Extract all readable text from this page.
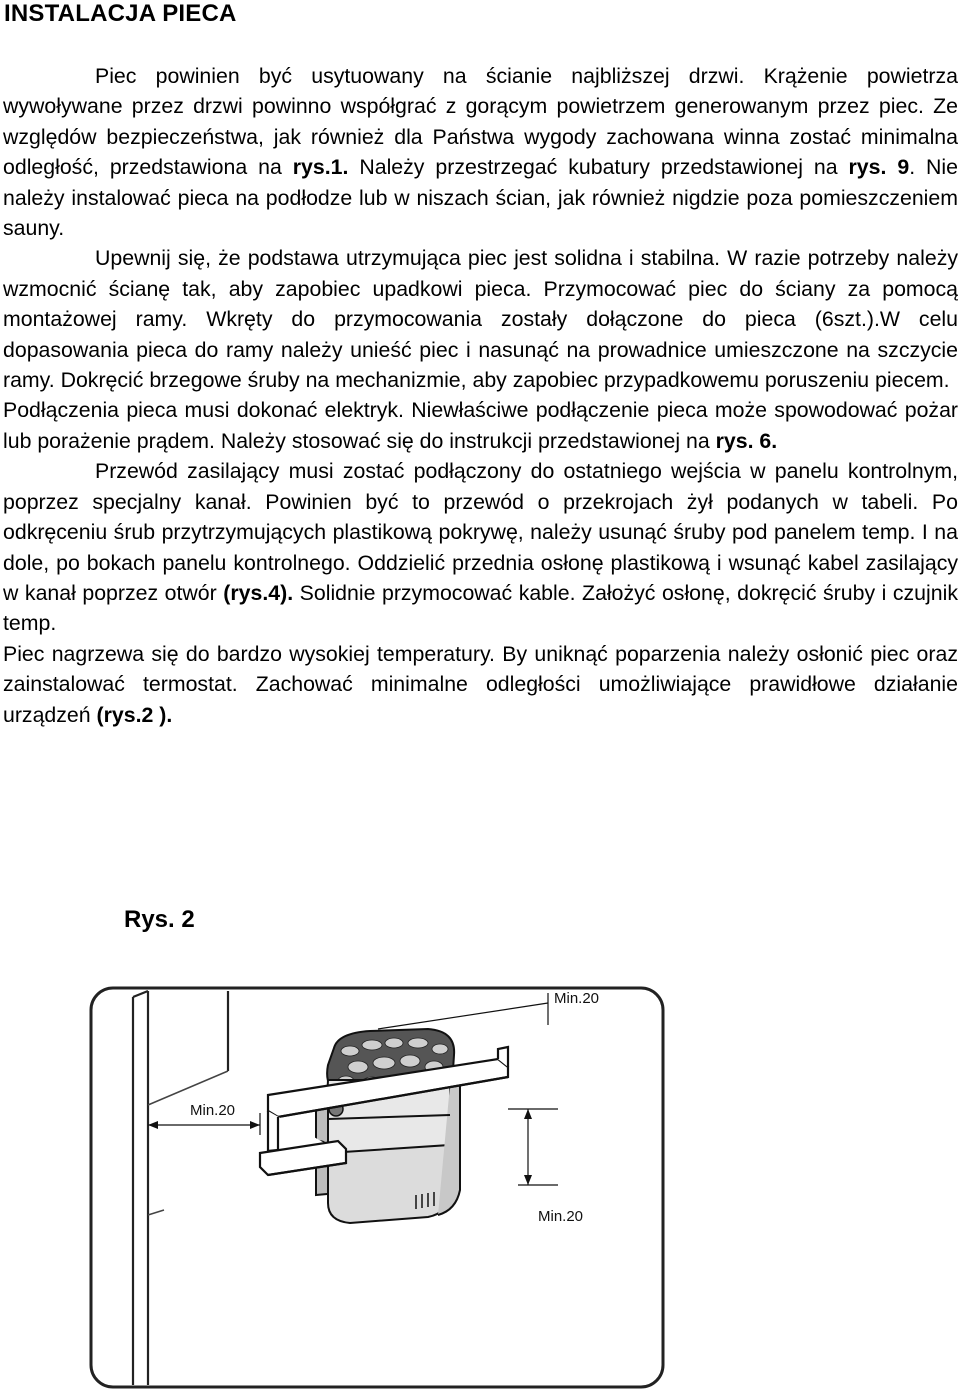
INSTALACJA PIECA

Piec powinien być usytuowany na ścianie najbliższej drzwi. Krążenie powietrza wywoływane przez drzwi powinno współgrać z gorącym powietrzem generowanym przez piec. Ze względów bezpieczeństwa, jak również dla Państwa wygody zachowana winna zostać minimalna odległość, przedstawiona na rys.1. Należy przestrzegać kubatury przedstawionej na rys. 9. Nie należy instalować pieca na podłodze lub w niszach ścian, jak również nigdzie poza pomieszczeniem sauny.

Upewnij się, że podstawa utrzymująca piec jest solidna i stabilna. W razie potrzeby należy wzmocnić ścianę tak, aby zapobiec upadkowi pieca. Przymocować piec do ściany za pomocą montażowej ramy. Wkręty do przymocowania zostały dołączone do pieca (6szt.).W celu dopasowania pieca do ramy należy unieść piec i nasunąć na prowadnice umieszczone na szczycie ramy. Dokręcić brzegowe śruby na mechanizmie, aby zapobiec przypadkowemu poruszeniu piecem.

Podłączenia pieca musi dokonać elektryk. Niewłaściwe podłączenie pieca może spowodować pożar lub porażenie prądem. Należy stosować się do instrukcji przedstawionej na rys. 6.

Przewód zasilający musi zostać podłączony do ostatniego wejścia w panelu kontrolnym, poprzez specjalny kanał. Powinien być to przewód o przekrojach żył podanych w tabeli. Po odkręceniu śrub przytrzymujących plastikową pokrywę, należy usunąć śruby pod panelem temp. I na dole, po bokach panelu kontrolnego. Oddzielić przednia osłonę plastikową i wsunąć kabel zasilający w kanał poprzez otwór (rys.4). Solidnie przymocować kable. Założyć osłonę, dokręcić śruby i czujnik temp.

Piec nagrzewa się do bardzo wysokiej temperatury. By uniknąć poparzenia należy osłonić piec oraz zainstalować termostat. Zachować minimalne odległości umożliwiające prawidłowe działanie urządzeń (rys.2 ).

Rys. 2
Min.20
Min.20
Min.20
